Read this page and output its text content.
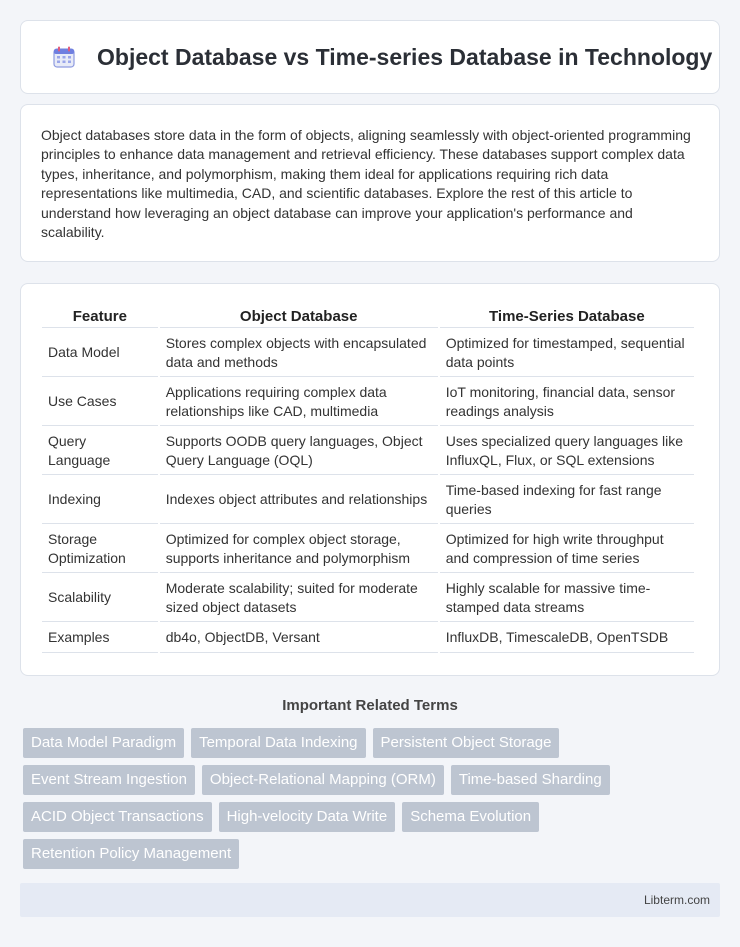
Object Database vs Time-series Database in Technology

Object databases store data in the form of objects, aligning seamlessly with object-oriented programming principles to enhance data management and retrieval efficiency. These databases support complex data types, inheritance, and polymorphism, making them ideal for applications requiring rich data representations like multimedia, CAD, and scientific databases. Explore the rest of this article to understand how leveraging an object database can improve your application's performance and scalability.

Feature	Object Database	Time-Series Database
Data Model	Stores complex objects with encapsulated data and methods	Optimized for timestamped, sequential data points
Use Cases	Applications requiring complex data relationships like CAD, multimedia	IoT monitoring, financial data, sensor readings analysis
Query Language	Supports OODB query languages, Object Query Language (OQL)	Uses specialized query languages like InfluxQL, Flux, or SQL extensions
Indexing	Indexes object attributes and relationships	Time-based indexing for fast range queries
Storage Optimization	Optimized for complex object storage, supports inheritance and polymorphism	Optimized for high write throughput and compression of time series
Scalability	Moderate scalability; suited for moderate sized object datasets	Highly scalable for massive time-stamped data streams
Examples	db4o, ObjectDB, Versant	InfluxDB, TimescaleDB, OpenTSDB
Important Related Terms
Data Model Paradigm	Temporal Data Indexing	Persistent Object Storage
Event Stream Ingestion	Object-Relational Mapping (ORM)	Time-based Sharding
ACID Object Transactions	High-velocity Data Write	Schema Evolution
Retention Policy Management
Libterm.com
